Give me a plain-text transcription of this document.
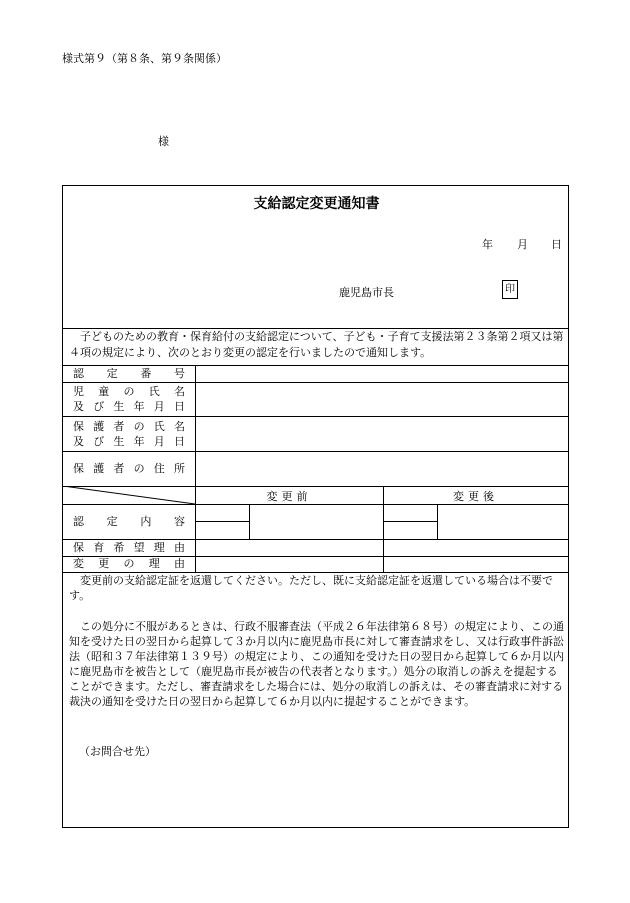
様式第９（第８条、第９条関係）
様
支給認定変更通知書
年 月 日
鹿児島市長	印
子どものための教育・保育給付の支給認定について、子ども・子育て支援法第２３条第２項又は第４項の規定により、次のとおり変更の認定を行いましたので通知します。
認定番号
児童の氏名
及び生年月日
保護者の氏名
及び生年月日
保護者の住所
変更前	変更後
認定内容
保育希望理由
変更の理由
変更前の支給認定証を返還してください。ただし、既に支給認定証を返還している場合は不要です。
この処分に不服があるときは、行政不服審査法（平成２６年法律第６８号）の規定により、この通知を受けた日の翌日から起算して３か月以内に鹿児島市長に対して審査請求をし、又は行政事件訴訟法（昭和３７年法律第１３９号）の規定により、この通知を受けた日の翌日から起算して６か月以内に鹿児島市を被告として（鹿児島市長が被告の代表者となります。）処分の取消しの訴えを提起することができます。ただし、審査請求をした場合には、処分の取消しの訴えは、その審査請求に対する裁決の通知を受けた日の翌日から起算して６か月以内に提起することができます。
（お問合せ先）
